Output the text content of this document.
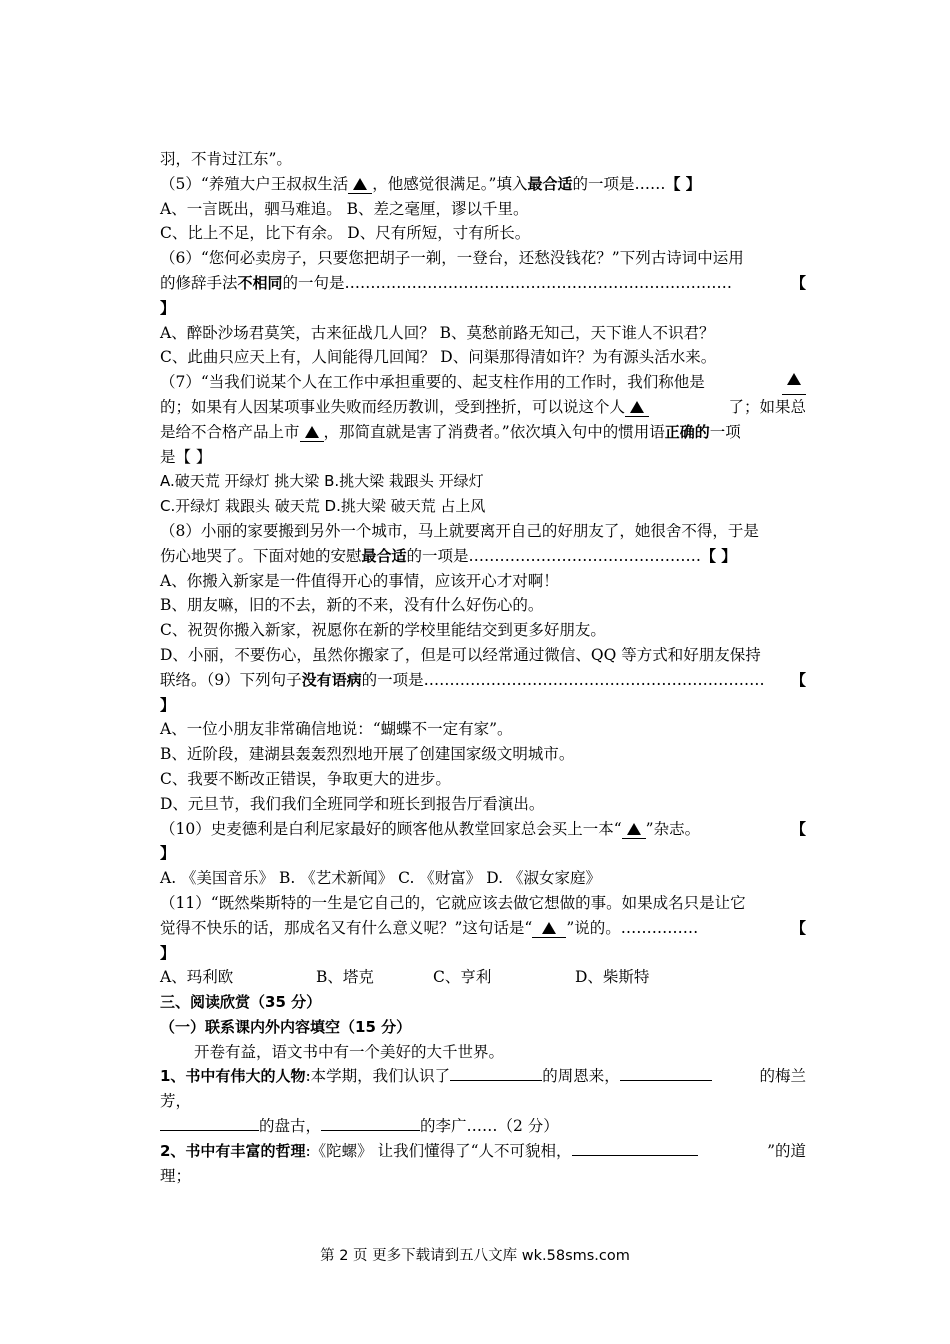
羽，不肯过江东”。
（5）“养殖大户王叔叔生活 ，他感觉很满足。”填入最合适的一项是……【 】
A、一言既出，驷马难追。 B、差之毫厘，谬以千里。
C、比上不足，比下有余。 D、尺有所短，寸有所长。
（6）“您何必卖房子，只要您把胡子一剃，一登台，还愁没钱花？”下列古诗词中运用
的修辞手法不相同的一句是…………………………………………………………………	【
】
A、醉卧沙场君莫笑，古来征战几人回？ B、莫愁前路无知己，天下谁人不识君？
C、此曲只应天上有，人间能得几回闻？ D、问渠那得清如许？为有源头活水来。
（7）“当我们说某个人在工作中承担重要的、起支柱作用的工作时，我们称他是
的；如果有人因某项事业失败而经历教训，受到挫折，可以说这个人	了；如果总
是给不合格产品上市 ，那简直就是害了消费者。”依次填入句中的惯用语正确的一项
是【 】
A.破天荒 开绿灯 挑大梁 B.挑大梁 栽跟头 开绿灯
C.开绿灯 栽跟头 破天荒 D.挑大梁 破天荒 占上风
（8）小丽的家要搬到另外一个城市，马上就要离开自己的好朋友了，她很舍不得，于是
伤心地哭了。下面对她的安慰最合适的一项是………………………………………【 】
A、你搬入新家是一件值得开心的事情，应该开心才对啊！
B、朋友嘛，旧的不去，新的不来，没有什么好伤心的。
C、祝贺你搬入新家，祝愿你在新的学校里能结交到更多好朋友。
D、小丽，不要伤心，虽然你搬家了，但是可以经常通过微信、QQ 等方式和好朋友保持
联络。（9）下列句子没有语病的一项是………………………………………………………… 【
】
A、一位小朋友非常确信地说：“蝴蝶不一定有家”。
B、近阶段，建湖县轰轰烈烈地开展了创建国家级文明城市。
C、我要不断改正错误，争取更大的进步。
D、元旦节，我们我们全班同学和班长到报告厅看演出。
（10）史麦德利是白利尼家最好的顾客他从教堂回家总会买上一本“ ”杂志。	【
】
A. 《美国音乐》 B. 《艺术新闻》 C. 《财富》 D. 《淑女家庭》
（11）“既然柴斯特的一生是它自己的，它就应该去做它想做的事。如果成名只是让它
觉得不快乐的话，那成名又有什么意义呢？”这句话是“ ”说的。……………	【
】
A、玛利欧	B、塔克	C、亨利	D、柴斯特
三、阅读欣赏（35 分）
（一）联系课内外内容填空（15 分）
开卷有益，语文书中有一个美好的大千世界。
1、书中有伟大的人物:本学期，我们认识了	的周恩来，	的梅兰
芳，
的盘古，	的李广……（2 分）
2、书中有丰富的哲理:《陀螺》 让我们懂得了“人不可貌相，	”的道
理；
第 2 页 更多下载请到五八文库 wk.58sms.com
